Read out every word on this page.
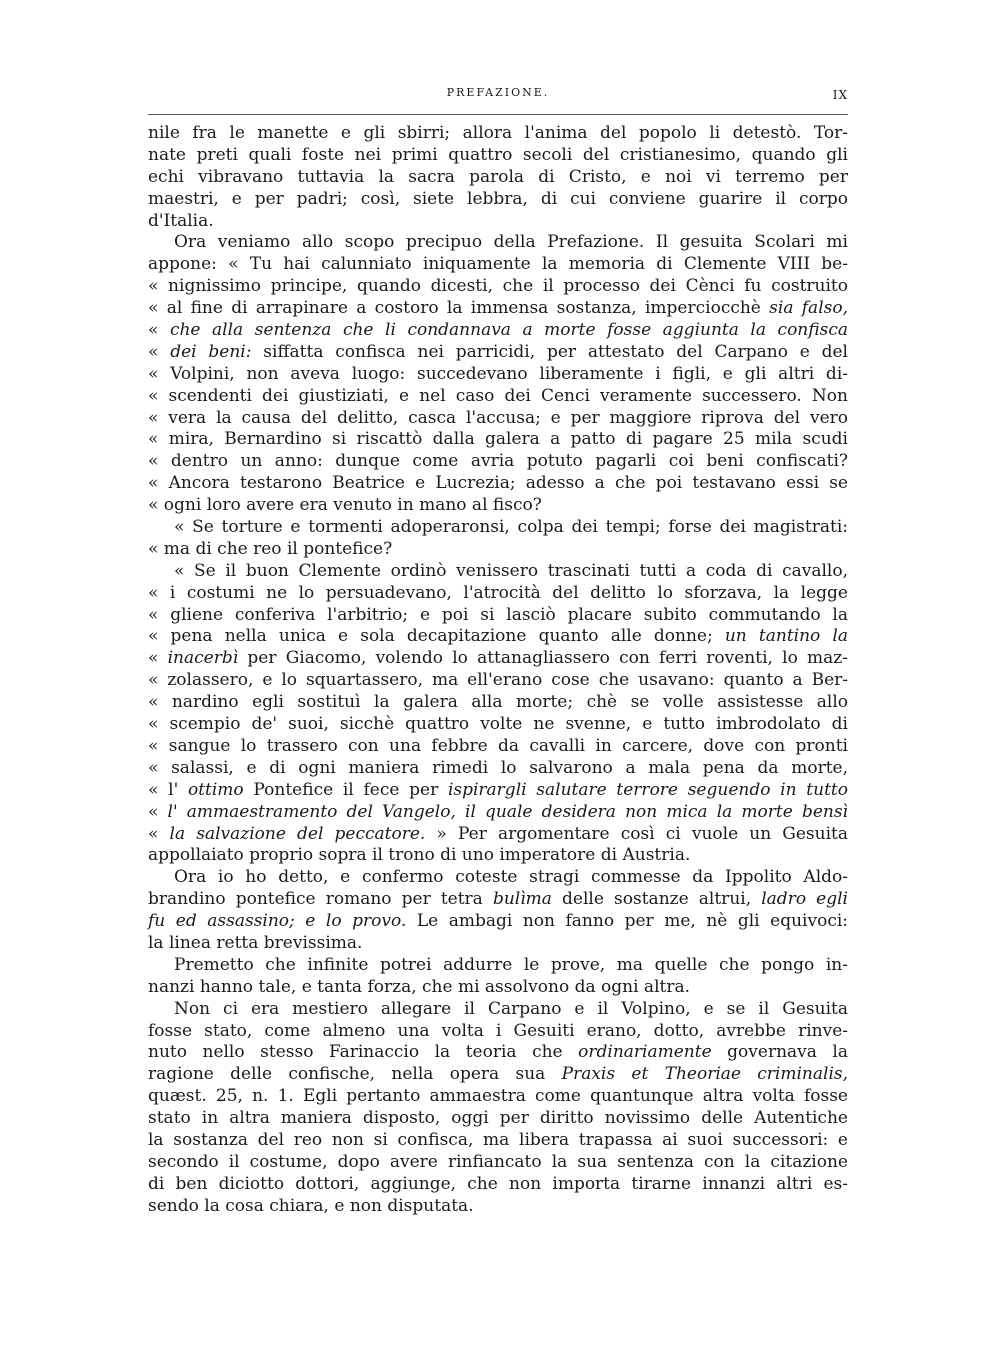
PREFAZIONE.	IX
nile fra le manette e gli sbirri; allora l'anima del popolo li detestò. Tor-
nate preti quali foste nei primi quattro secoli del cristianesimo, quando gli
echi vibravano tuttavia la sacra parola di Cristo, e noi vi terremo per
maestri, e per padri; così, siete lebbra, di cui conviene guarire il corpo
d'Italia.
Ora veniamo allo scopo precipuo della Prefazione. Il gesuita Scolari mi
appone: « Tu hai calunniato iniquamente la memoria di Clemente VIII be-
« nignissimo principe, quando dicesti, che il processo dei Cènci fu costruito
« al fine di arrapinare a costoro la immensa sostanza, imperciocchè sia falso,
« che alla sentenza che li condannava a morte fosse aggiunta la confisca
« dei beni: siffatta confisca nei parricidi, per attestato del Carpano e del
« Volpini, non aveva luogo: succedevano liberamente i figli, e gli altri di-
« scendenti dei giustiziati, e nel caso dei Cenci veramente successero. Non
« vera la causa del delitto, casca l'accusa; e per maggiore riprova del vero
« mira, Bernardino si riscattò dalla galera a patto di pagare 25 mila scudi
« dentro un anno: dunque come avria potuto pagarli coi beni confiscati?
« Ancora testarono Beatrice e Lucrezia; adesso a che poi testavano essi se
« ogni loro avere era venuto in mano al fisco?
« Se torture e tormenti adoperaronsi, colpa dei tempi; forse dei magistrati:
« ma di che reo il pontefice?
« Se il buon Clemente ordinò venissero trascinati tutti a coda di cavallo,
« i costumi ne lo persuadevano, l'atrocità del delitto lo sforzava, la legge
« gliene conferiva l'arbitrio; e poi si lasciò placare subito commutando la
« pena nella unica e sola decapitazione quanto alle donne; un tantino la
« inacerbì per Giacomo, volendo lo attanagliassero con ferri roventi, lo maz-
« zolassero, e lo squartassero, ma ell'erano cose che usavano: quanto a Ber-
« nardino egli sostituì la galera alla morte; chè se volle assistesse allo
« scempio de' suoi, sicchè quattro volte ne svenne, e tutto imbrodolato di
« sangue lo trassero con una febbre da cavalli in carcere, dove con pronti
« salassi, e di ogni maniera rimedi lo salvarono a mala pena da morte,
« l' ottimo Pontefice il fece per ispirargli salutare terrore seguendo in tutto
« l' ammaestramento del Vangelo, il quale desidera non mica la morte bensì
« la salvazione del peccatore. » Per argomentare così ci vuole un Gesuita
appollaiato proprio sopra il trono di uno imperatore di Austria.
Ora io ho detto, e confermo coteste stragi commesse da Ippolito Aldo-
brandino pontefice romano per tetra bulìma delle sostanze altrui, ladro egli
fu ed assassino; e lo provo. Le ambagi non fanno per me, nè gli equivoci:
la linea retta brevissima.
Premetto che infinite potrei addurre le prove, ma quelle che pongo in-
nanzi hanno tale, e tanta forza, che mi assolvono da ogni altra.
Non ci era mestiero allegare il Carpano e il Volpino, e se il Gesuita
fosse stato, come almeno una volta i Gesuiti erano, dotto, avrebbe rinve-
nuto nello stesso Farinaccio la teoria che ordinariamente governava la
ragione delle confische, nella opera sua Praxis et Theoriae criminalis,
quæst. 25, n. 1. Egli pertanto ammaestra come quantunque altra volta fosse
stato in altra maniera disposto, oggi per diritto novissimo delle Autentiche
la sostanza del reo non si confisca, ma libera trapassa ai suoi successori: e
secondo il costume, dopo avere rinfiancato la sua sentenza con la citazione
di ben diciotto dottori, aggiunge, che non importa tirarne innanzi altri es-
sendo la cosa chiara, e non disputata.
